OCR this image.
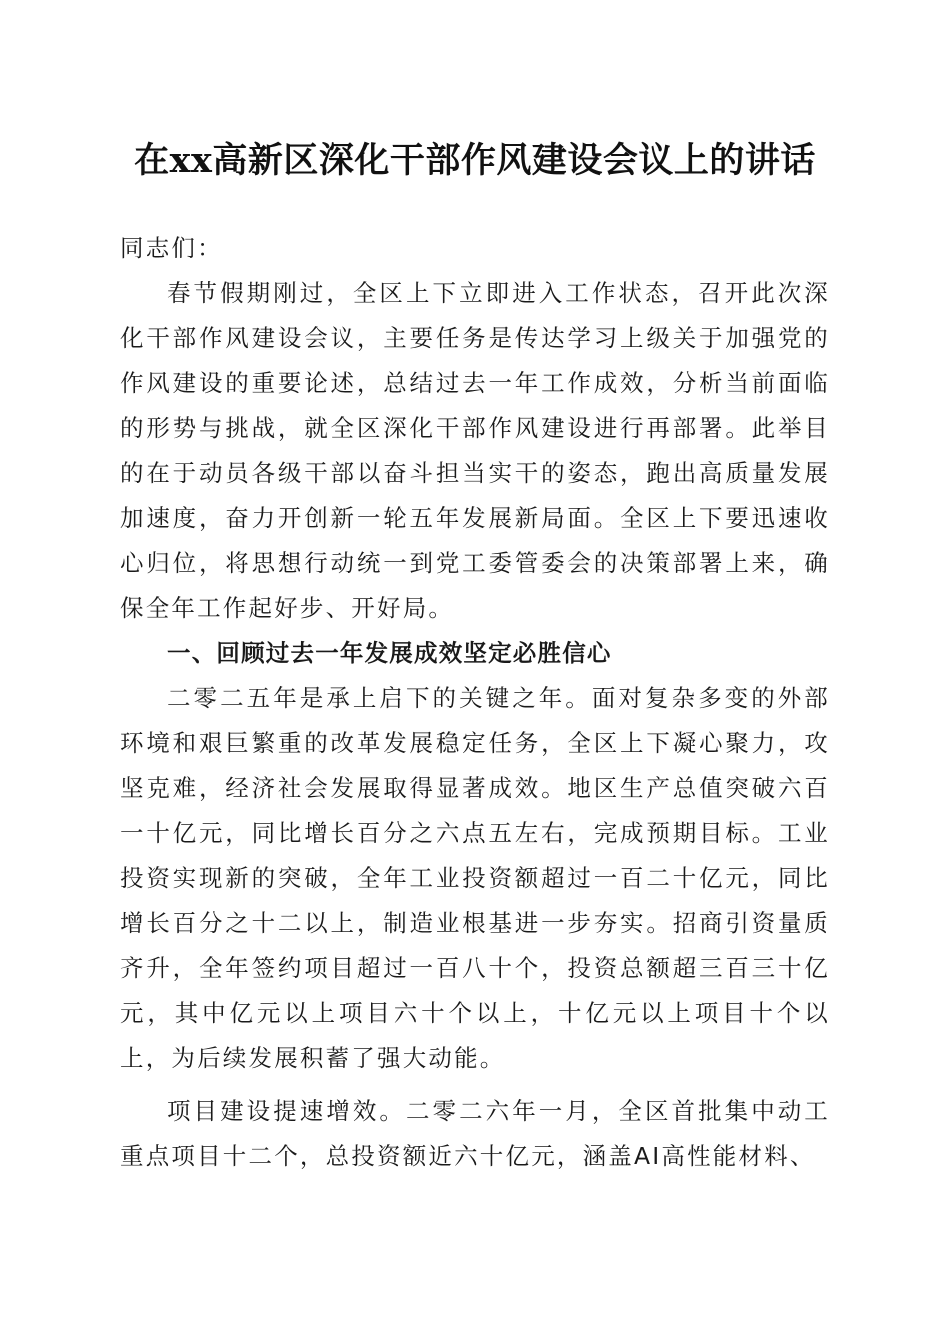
在xx高新区深化干部作风建设会议上的讲话

同志们：

春节假期刚过，全区上下立即进入工作状态，召开此次深化干部作风建设会议，主要任务是传达学习上级关于加强党的作风建设的重要论述，总结过去一年工作成效，分析当前面临的形势与挑战，就全区深化干部作风建设进行再部署。此举目的在于动员各级干部以奋斗担当实干的姿态，跑出高质量发展加速度，奋力开创新一轮五年发展新局面。全区上下要迅速收心归位，将思想行动统一到党工委管委会的决策部署上来，确保全年工作起好步、开好局。

一、回顾过去一年发展成效坚定必胜信心

二零二五年是承上启下的关键之年。面对复杂多变的外部环境和艰巨繁重的改革发展稳定任务，全区上下凝心聚力，攻坚克难，经济社会发展取得显著成效。地区生产总值突破六百一十亿元，同比增长百分之六点五左右，完成预期目标。工业投资实现新的突破，全年工业投资额超过一百二十亿元，同比增长百分之十二以上，制造业根基进一步夯实。招商引资量质齐升，全年签约项目超过一百八十个，投资总额超三百三十亿元，其中亿元以上项目六十个以上，十亿元以上项目十个以上，为后续发展积蓄了强大动能。

项目建设提速增效。二零二六年一月，全区首批集中动工重点项目十二个，总投资额近六十亿元，涵盖AI高性能材料、
